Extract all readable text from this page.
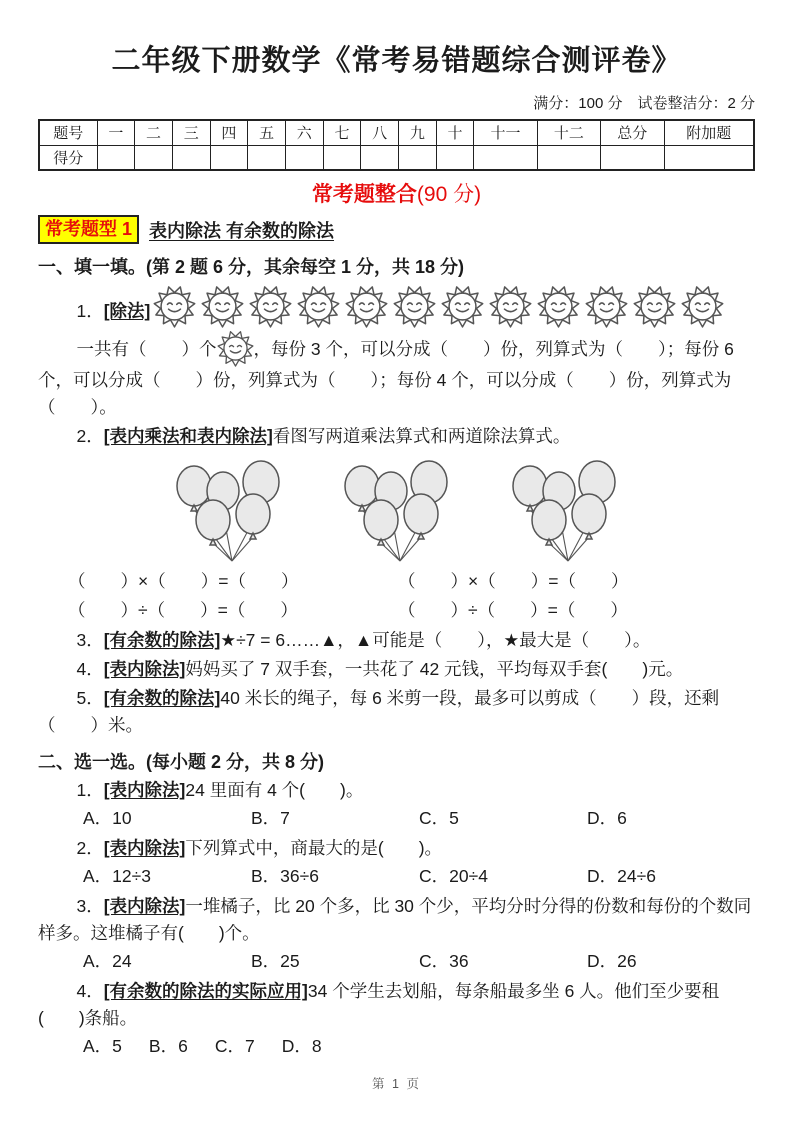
二年级下册数学《常考易错题综合测评卷》
满分：100 分　试卷整洁分：2 分
题号	一	二	三	四	五	六	七	八	九	十	十一	十二	总分	附加题
得分														
常考题整合(90 分)
常考题型 1 表内除法 有余数的除法
一、填一填。(第 2 题 6 分，其余每空 1 分，共 18 分)
1．[除法]

一共有（　　）个 ，每份 3 个，可以分成（　　）份，列算式为（　　）；每份 6 个，可以分成（　　）份，列算式为（　　）；每份 4 个，可以分成（　　）份，列算式为（　　）。

2．[表内乘法和表内除法]看图写两道乘法算式和两道除法算式。

（　　）×（　　）=（　　）	（　　）×（　　）=（　　）
（　　）÷（　　）=（　　）	（　　）÷（　　）=（　　）

3．[有余数的除法]★÷7 = 6……▲，▲可能是（　　），★最大是（　　）。

4．[表内除法]妈妈买了 7 双手套，一共花了 42 元钱，平均每双手套(　　)元。

5．[有余数的除法]40 米长的绳子，每 6 米剪一段，最多可以剪成（　　）段，还剩（　　）米。

二、选一选。(每小题 2 分，共 8 分)

1．[表内除法]24 里面有 4 个(　　)。

A．10	B．7	C．5	D．6

2．[表内除法]下列算式中，商最大的是(　　)。

A．12÷3	B．36÷6	C．20÷4	D．24÷6

3．[表内除法]一堆橘子，比 20 个多，比 30 个少，平均分时分得的份数和每份的个数同样多。这堆橘子有(　　)个。

A．24	B．25	C．36	D．26

4．[有余数的除法的实际应用]34 个学生去划船，每条船最多坐 6 人。他们至少要租(　　)条船。

A．5 B．6 C．7 D．8
第 1 页
